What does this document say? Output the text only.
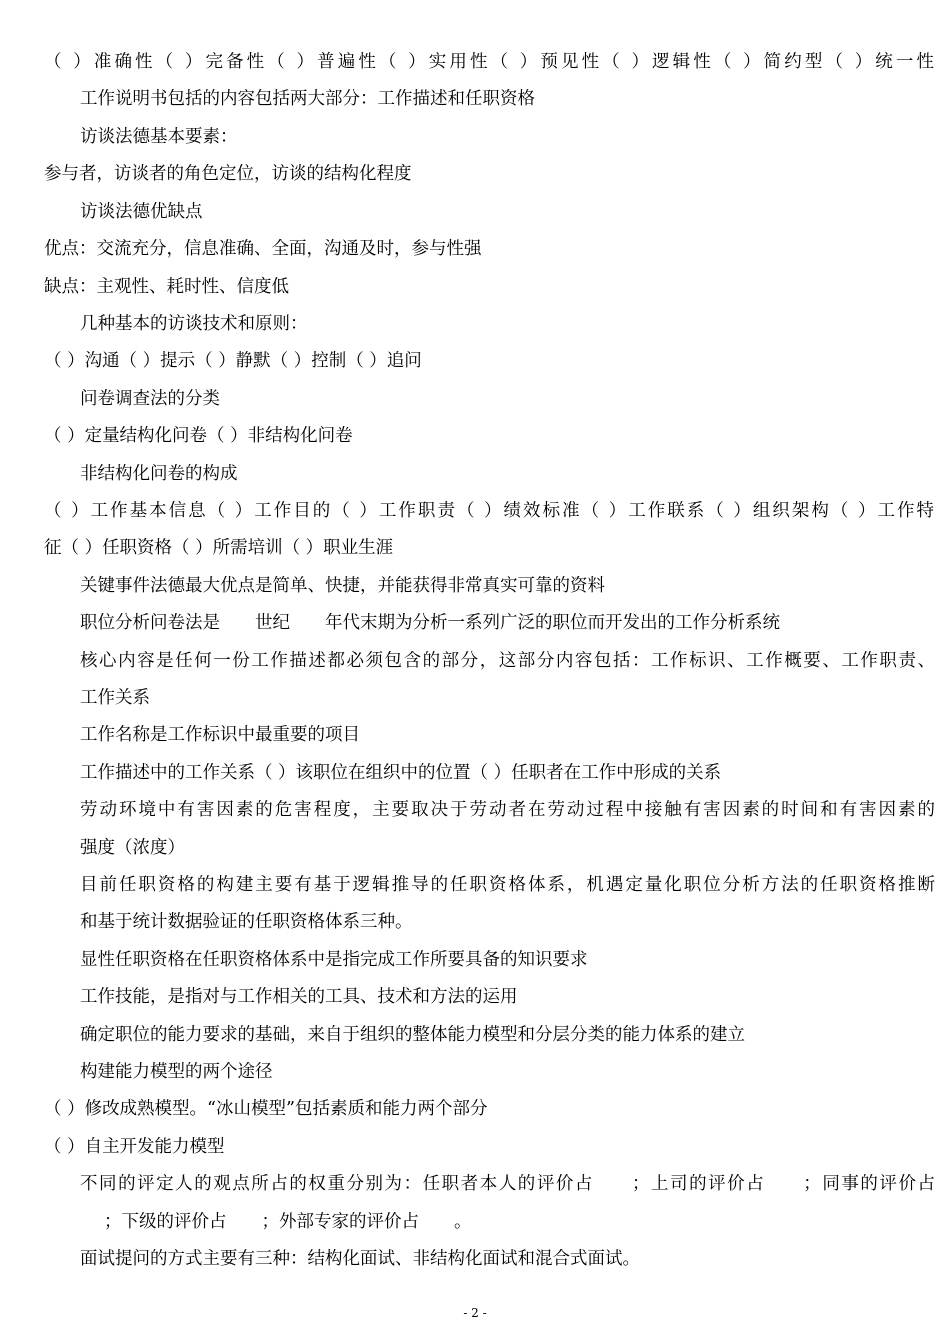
（ ）准确性（ ）完备性（ ）普遍性（ ）实用性（ ）预见性（ ）逻辑性（ ）简约型（ ）统一性
工作说明书包括的内容包括两大部分：工作描述和任职资格
访谈法德基本要素：
参与者，访谈者的角色定位，访谈的结构化程度
访谈法德优缺点
优点：交流充分，信息准确、全面，沟通及时，参与性强
缺点：主观性、耗时性、信度低
几种基本的访谈技术和原则：
（ ）沟通（ ）提示（ ）静默（ ）控制（ ）追问
问卷调查法的分类
（ ）定量结构化问卷（ ）非结构化问卷
非结构化问卷的构成
（ ）工作基本信息（ ）工作目的（ ）工作职责（ ）绩效标准（ ）工作联系（ ）组织架构（ ）工作特
征（ ）任职资格（ ）所需培训（ ）职业生涯
关键事件法德最大优点是简单、快捷，并能获得非常真实可靠的资料
职位分析问卷法是　　世纪　　年代末期为分析一系列广泛的职位而开发出的工作分析系统
核心内容是任何一份工作描述都必须包含的部分，这部分内容包括：工作标识、工作概要、工作职责、
工作关系
工作名称是工作标识中最重要的项目
工作描述中的工作关系（ ）该职位在组织中的位置（ ）任职者在工作中形成的关系
劳动环境中有害因素的危害程度，主要取决于劳动者在劳动过程中接触有害因素的时间和有害因素的
强度（浓度）
目前任职资格的构建主要有基于逻辑推导的任职资格体系，机遇定量化职位分析方法的任职资格推断
和基于统计数据验证的任职资格体系三种。
显性任职资格在任职资格体系中是指完成工作所要具备的知识要求
工作技能，是指对与工作相关的工具、技术和方法的运用
确定职位的能力要求的基础，来自于组织的整体能力模型和分层分类的能力体系的建立
构建能力模型的两个途径
（ ）修改成熟模型。“冰山模型”包括素质和能力两个部分
（ ）自主开发能力模型
不同的评定人的观点所占的权重分别为：任职者本人的评价占　　；上司的评价占　　；同事的评价占
；下级的评价占　　；外部专家的评价占　　。
面试提问的方式主要有三种：结构化面试、非结构化面试和混合式面试。
- 2 -
